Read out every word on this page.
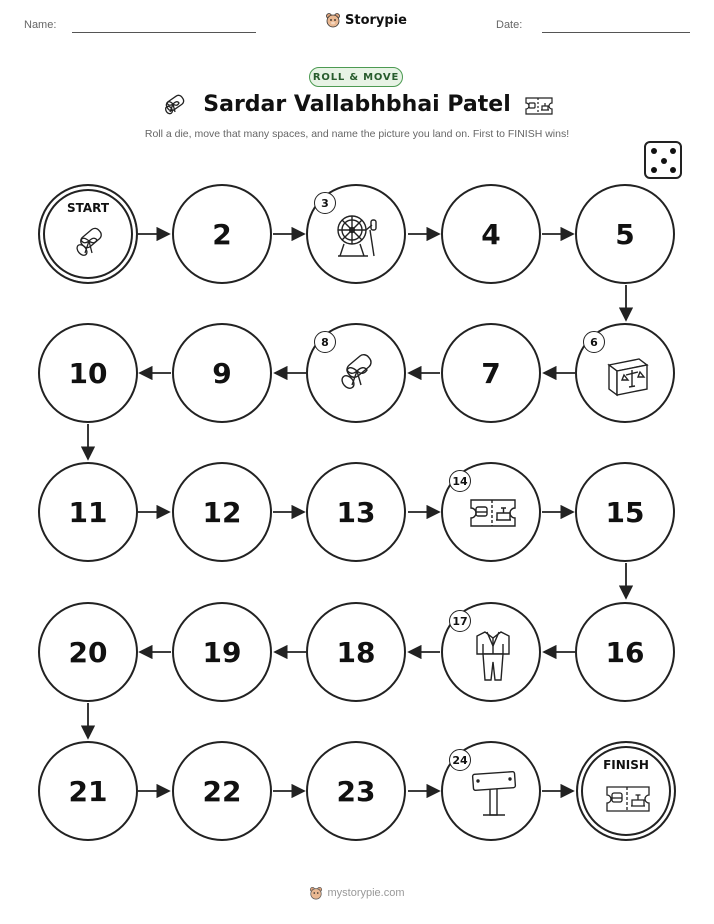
Name:	Storypie	Date:
ROLL & MOVE
Sardar Vallabhbhai Patel
Roll a die, move that many spaces, and name the picture you land on. First to FINISH wins!
START
2
3
4	5
10	9
8
7
6
11	12	13
14
15
20	19	18
17
16
21	22	23
24	FINISH
mystorypie.com
